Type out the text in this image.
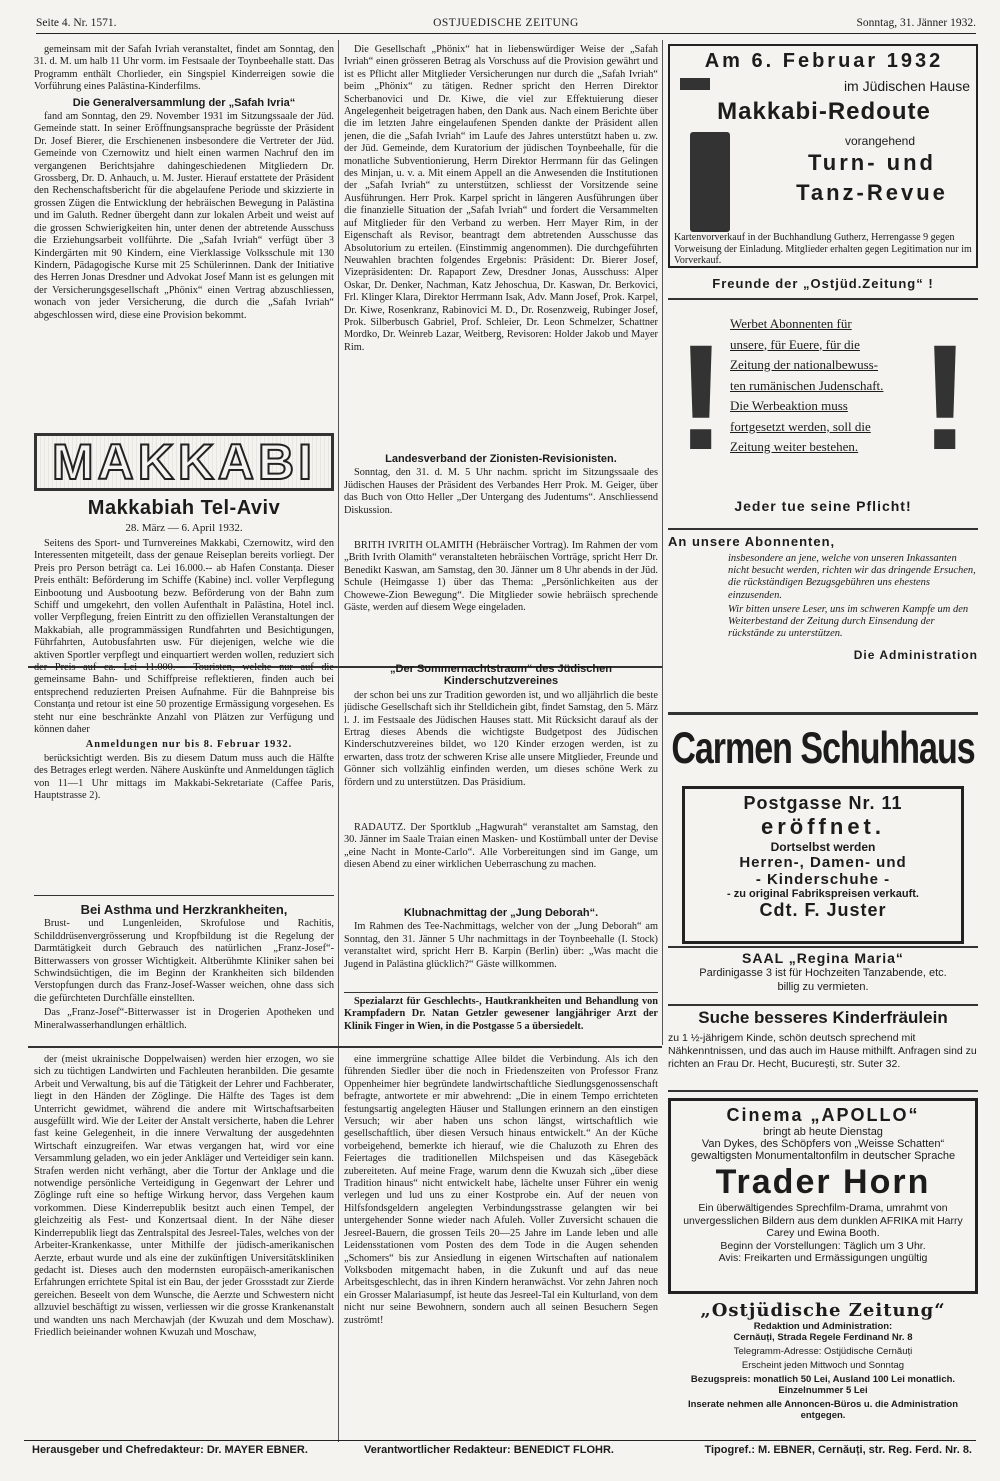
Seite 4. Nr. 1571.	OSTJUEDISCHE ZEITUNG	Sonntag, 31. Jänner 1932.

gemeinsam mit der Safah Ivriah veranstaltet, findet am Sonntag, den 31. d. M. um halb 11 Uhr vorm. im Festsaale der Toynbeehalle statt. Das Programm enthält Chorlieder, ein Singspiel Kinderreigen sowie die Vorführung eines Palästina-Kinderfilms.

Die Generalversammlung der „Safah Ivria“

fand am Sonntag, den 29. November 1931 im Sitzungssaale der Jüd. Gemeinde statt. In seiner Eröffnungsansprache begrüsste der Präsident Dr. Josef Bierer, die Erschienenen insbesondere die Vertreter der Jüd. Gemeinde von Czernowitz und hielt einen warmen Nachruf den im vergangenen Berichtsjahre dahingeschiedenen Mitgliedern Dr. Grossberg, Dr. D. Anhauch, u. M. Juster. Hierauf erstattete der Präsident den Rechenschaftsbericht für die abgelaufene Periode und skizzierte in grossen Zügen die Entwicklung der hebräischen Bewegung in Palästina und im Galuth. Redner übergeht dann zur lokalen Arbeit und weist auf die grossen Schwierigkeiten hin, unter denen der abtretende Ausschuss die Erziehungsarbeit vollführte. Die „Safah Ivriah“ verfügt über 3 Kindergärten mit 90 Kindern, eine Vierklassige Volksschule mit 130 Kindern, Pädagogische Kurse mit 25 Schülerinnen. Dank der Initiative des Herren Jonas Dresdner und Advokat Josef Mann ist es gelungen mit der Versicherungsgesellschaft „Phönix“ einen Vertrag abzuschliessen, wonach von jeder Versicherung, die durch die „Safah Ivriah“ abgeschlossen wird, diese eine Provision bekommt.

MAKKABI
Makkabiah Tel-Aviv
28. März — 6. April 1932.

Seitens des Sport- und Turnvereines Makkabi, Czernowitz, wird den Interessenten mitgeteilt, dass der genaue Reiseplan bereits vorliegt. Der Preis pro Person beträgt ca. Lei 16.000.-- ab Hafen Constanța. Dieser Preis enthält: Beförderung im Schiffe (Kabine) incl. voller Verpflegung Einbootung und Ausbootung bezw. Beförderung von der Bahn zum Schiff und umgekehrt, den vollen Aufenthalt in Palästina, Hotel incl. voller Verpflegung, freien Eintritt zu den offiziellen Veranstaltungen der Makkabiah, alle programmässigen Rundfahrten und Besichtigungen, Führfahrten, Autobusfahrten usw. Für diejenigen, welche wie die aktiven Sportler verpflegt und einquartiert werden wollen, reduziert sich der Preis auf ca. Lei 11.000.— Touristen, welche nur auf die gemeinsame Bahn- und Schiffpreise reflektieren, finden auch bei entsprechend reduzierten Preisen Aufnahme. Für die Bahnpreise bis Constanța und retour ist eine 50 prozentige Ermässigung vorgesehen. Es steht nur eine beschränkte Anzahl von Plätzen zur Verfügung und können daher

Anmeldungen nur bis 8. Februar 1932.

berücksichtigt werden. Bis zu diesem Datum muss auch die Hälfte des Betrages erlegt werden. Nähere Auskünfte und Anmeldungen täglich von 11—1 Uhr mittags im Makkabi-Sekretariate (Caffee Paris, Hauptstrasse 2).

Bei Asthma und Herzkrankheiten,

Brust- und Lungenleiden, Skrofulose und Rachitis, Schilddrüsenvergrösserung und Kropfbildung ist die Regelung der Darmtätigkeit durch Gebrauch des natürlichen „Franz-Josef“-Bitterwassers von grosser Wichtigkeit. Altberühmte Kliniker sahen bei Schwindsüchtigen, die im Beginn der Krankheiten sich bildenden Verstopfungen durch das Franz-Josef-Wasser weichen, ohne dass sich die gefürchteten Durchfälle einstellten.

Das „Franz-Josef“-Bitterwasser ist in Drogerien Apotheken und Mineralwasserhandlungen erhältlich.

Die Gesellschaft „Phönix“ hat in liebenswürdiger Weise der „Safah Ivriah“ einen grösseren Betrag als Vorschuss auf die Provision gewährt und ist es Pflicht aller Mitglieder Versicherungen nur durch die „Safah Ivriah“ beim „Phönix“ zu tätigen. Redner spricht den Herren Direktor Scherbanovici und Dr. Kiwe, die viel zur Effektuierung dieser Angelegenheit beigetragen haben, den Dank aus. Nach einem Berichte über die im letzten Jahre eingelaufenen Spenden dankte der Präsident allen jenen, die die „Safah Ivriah“ im Laufe des Jahres unterstützt haben u. zw. der Jüd. Gemeinde, dem Kuratorium der jüdischen Toynbeehalle, für die monatliche Subventionierung, Herrn Direktor Herrmann für das Gelingen des Minjan, u. v. a. Mit einem Appell an die Anwesenden die Institutionen der „Safah Ivriah“ zu unterstützen, schliesst der Vorsitzende seine Ausführungen. Herr Prok. Karpel spricht in längeren Ausführungen über die finanzielle Situation der „Safah Ivriah“ und fordert die Versammelten auf Mitglieder für den Verband zu werben. Herr Mayer Rim, in der Eigenschaft als Revisor, beantragt dem abtretenden Ausschusse das Absolutorium zu erteilen. (Einstimmig angenommen). Die durchgeführten Neuwahlen brachten folgendes Ergebnis: Präsident: Dr. Bierer Josef, Vizepräsidenten: Dr. Rapaport Zew, Dresdner Jonas, Ausschuss: Alper Oskar, Dr. Denker, Nachman, Katz Jehoschua, Dr. Kaswan, Dr. Berkovici, Frl. Klinger Klara, Direktor Herrmann Isak, Adv. Mann Josef, Prok. Karpel, Dr. Kiwe, Rosenkranz, Rabinovici M. D., Dr. Rosenzweig, Rubinger Josef, Prok. Silberbusch Gabriel, Prof. Schleier, Dr. Leon Schmelzer, Schattner Mordko, Dr. Weinreb Lazar, Weitberg, Revisoren: Holder Jakob und Mayer Rim.

Landesverband der Zionisten-Revisionisten.

Sonntag, den 31. d. M. 5 Uhr nachm. spricht im Sitzungssaale des Jüdischen Hauses der Präsident des Verbandes Herr Prok. M. Geiger, über das Buch von Otto Heller „Der Untergang des Judentums“. Anschliessend Diskussion.

BRITH IVRITH OLAMITH (Hebräischer Vortrag). Im Rahmen der vom „Brith Ivrith Olamith“ veranstalteten hebräischen Vorträge, spricht Herr Dr. Benedikt Kaswan, am Samstag, den 30. Jänner um 8 Uhr abends in der Jüd. Schule (Heimgasse 1) über das Thema: „Persönlichkeiten aus der Chowewe-Zion Bewegung“. Die Mitglieder sowie hebräisch sprechende Gäste, werden auf diesem Wege eingeladen.

„Der Sommernachtstraum“ des Jüdischen Kinderschutzvereines

der schon bei uns zur Tradition geworden ist, und wo alljährlich die beste jüdische Gesellschaft sich ihr Stelldichein gibt, findet Samstag, den 5. März l. J. im Festsaale des Jüdischen Hauses statt. Mit Rücksicht darauf als der Ertrag dieses Abends die wichtigste Budgetpost des Jüdischen Kinderschutzvereines bildet, wo 120 Kinder erzogen werden, ist zu erwarten, dass trotz der schweren Krise alle unsere Mitglieder, Freunde und Gönner sich vollzählig einfinden werden, um dieses schöne Werk zu fördern und zu unterstützen. Das Präsidium.

RADAUTZ. Der Sportklub „Hagwurah“ veranstaltet am Samstag, den 30. Jänner im Saale Traian einen Masken- und Kostümball unter der Devise „eine Nacht in Monte-Carlo“. Alle Vorbereitungen sind im Gange, um diesen Abend zu einer wirklichen Ueberraschung zu machen.

Klubnachmittag der „Jung Deborah“.

Im Rahmen des Tee-Nachmittags, welcher von der „Jung Deborah“ am Sonntag, den 31. Jänner 5 Uhr nachmittags in der Toynbeehalle (I. Stock) veranstaltet wird, spricht Herr B. Karpin (Berlin) über: „Was macht die Jugend in Palästina glücklich?“ Gäste willkommen.

Spezialarzt für Geschlechts-, Hautkrankheiten und Behandlung von Krampfadern Dr. Natan Getzler gewesener langjähriger Arzt der Klinik Finger in Wien, in die Postgasse 5 a übersiedelt.

der (meist ukrainische Doppelwaisen) werden hier erzogen, wo sie sich zu tüchtigen Landwirten und Fachleuten heranbilden. Die gesamte Arbeit und Verwaltung, bis auf die Tätigkeit der Lehrer und Fachberater, liegt in den Händen der Zöglinge. Die Hälfte des Tages ist dem Unterricht gewidmet, während die andere mit Wirtschaftsarbeiten ausgefüllt wird. Wie der Leiter der Anstalt versicherte, haben die Lehrer fast keine Gelegenheit, in die innere Verwaltung der ausgedehnten Wirtschaft einzugreifen. War etwas vergangen hat, wird vor eine Versammlung geladen, wo ein jeder Ankläger und Verteidiger sein kann. Strafen werden nicht verhängt, aber die Tortur der Anklage und die notwendige persönliche Verteidigung in Gegenwart der Lehrer und Zöglinge ruft eine so heftige Wirkung hervor, dass Vergehen kaum vorkommen. Diese Kinderrepublik besitzt auch einen Tempel, der gleichzeitig als Fest- und Konzertsaal dient. In der Nähe dieser Kinderrepublik liegt das Zentralspital des Jesreel-Tales, welches von der Arbeiter-Krankenkasse, unter Mithilfe der jüdisch-amerikanischen Aerzte, erbaut wurde und als eine der zukünftigen Universitätskliniken gedacht ist. Dieses auch den modernsten europäisch-amerikanischen Erfahrungen errichtete Spital ist ein Bau, der jeder Grossstadt zur Zierde gereichen. Beseelt von dem Wunsche, die Aerzte und Schwestern nicht allzuviel beschäftigt zu wissen, verliessen wir die grosse Krankenanstalt und wandten uns nach Merchawjah (der Kwuzah und dem Moschaw). Friedlich beieinander wohnen Kwuzah und Moschaw,

eine immergrüne schattige Allee bildet die Verbindung. Als ich den führenden Siedler über die noch in Friedenszeiten von Professor Franz Oppenheimer hier begründete landwirtschaftliche Siedlungsgenossenschaft befragte, antwortete er mir abwehrend: „Die in einem Tempo errichteten festungsartig angelegten Häuser und Stallungen erinnern an den einstigen Versuch; wir aber haben uns schon längst, wirtschaftlich wie gesellschaftlich, über diesen Versuch hinaus entwickelt.“ An der Küche vorbeigehend, bemerkte ich hierauf, wie die Chaluzoth zu Ehren des Feiertages die traditionellen Milchspeisen und das Käsegebäck zubereiteten. Auf meine Frage, warum denn die Kwuzah sich „über diese Tradition hinaus“ nicht entwickelt habe, lächelte unser Führer ein wenig verlegen und lud uns zu einer Kostprobe ein. Auf der neuen von Hilfsfondsgeldern angelegten Verbindungsstrasse gelangten wir bei untergehender Sonne wieder nach Afuleh. Voller Zuversicht schauen die Jesreel-Bauern, die grossen Teils 20—25 Jahre im Lande leben und alle Leidensstationen vom Posten des dem Tode in die Augen sehenden „Schomers“ bis zur Ansiedlung in eigenen Wirtschaften auf nationalem Volksboden mitgemacht haben, in die Zukunft und auf das neue Arbeitsgeschlecht, das in ihren Kindern heranwächst. Vor zehn Jahren noch ein Grosser Malariasumpf, ist heute das Jesreel-Tal ein Kulturland, von dem nicht nur seine Bewohnern, sondern auch all seinen Besuchern Segen zuströmt!

Am 6. Februar 1932
im Jüdischen Hause
Makkabi-Redoute
vorangehend
Turn- und
Tanz-Revue
Kartenvorverkauf in der Buchhandlung Gutherz, Herrengasse 9 gegen Vorweisung der Einladung. Mitglieder erhalten gegen Legitimation nur im Vorverkauf.
Freunde der „Ostjüd.Zeitung“ !
! !
Werbet Abonnenten für
unsere, für Euere, für die
Zeitung der nationalbewuss-
ten rumänischen Judenschaft.
Die Werbeaktion muss
fortgesetzt werden, soll die
Zeitung weiter bestehen.
Jeder tue seine Pflicht!
An unsere Abonnenten,
insbesondere an jene, welche von unseren Inkassanten nicht besucht werden, richten wir das dringende Ersuchen, die rückständigen Bezugsgebühren uns ehestens einzusenden.
Wir bitten unsere Leser, uns im schweren Kampfe um den Weiterbestand der Zeitung durch Einsendung der rückstände zu unterstützen.
Die Administration
Carmen Schuhhaus
Postgasse Nr. 11
eröffnet.
Dortselbst werden
Herren-, Damen- und
- Kinderschuhe -
- zu original Fabrikspreisen verkauft.
Cdt. F. Juster
SAAL „Regina Maria“
Pardinigasse 3 ist für Hochzeiten Tanzabende, etc. billig zu vermieten.
Suche besseres Kinderfräulein
zu 1 ½-jährigem Kinde, schön deutsch sprechend mit Nähkenntnissen, und das auch im Hause mithilft. Anfragen sind zu richten an Frau Dr. Hecht, București, str. Suter 32.
Cinema „APOLLO“
bringt ab heute Dienstag
Van Dykes, des Schöpfers von „Weisse Schatten“
gewaltigsten Monumentaltonfilm in deutscher Sprache
Trader Horn
Ein überwältigendes Sprechfilm-Drama, umrahmt von unvergesslichen Bildern aus dem dunklen AFRIKA mit Harry Carey und Ewina Booth.
Beginn der Vorstellungen: Täglich um 3 Uhr.
Avis: Freikarten und Ermässigungen ungültig
„Ostjüdische Zeitung“
Redaktion und Administration:
Cernăuți, Strada Regele Ferdinand Nr. 8
Telegramm-Adresse: Ostjüdische Cernăuți
Erscheint jeden Mittwoch und Sonntag
Bezugspreis: monatlich 50 Lei, Ausland 100 Lei monatlich. Einzelnummer 5 Lei
Inserate nehmen alle Annoncen-Büros u. die Administration entgegen.
Herausgeber und Chefredakteur: Dr. MAYER EBNER.	Verantwortlicher Redakteur: BENEDICT FLOHR.	Tipogref.: M. EBNER, Cernăuți, str. Reg. Ferd. Nr. 8.
